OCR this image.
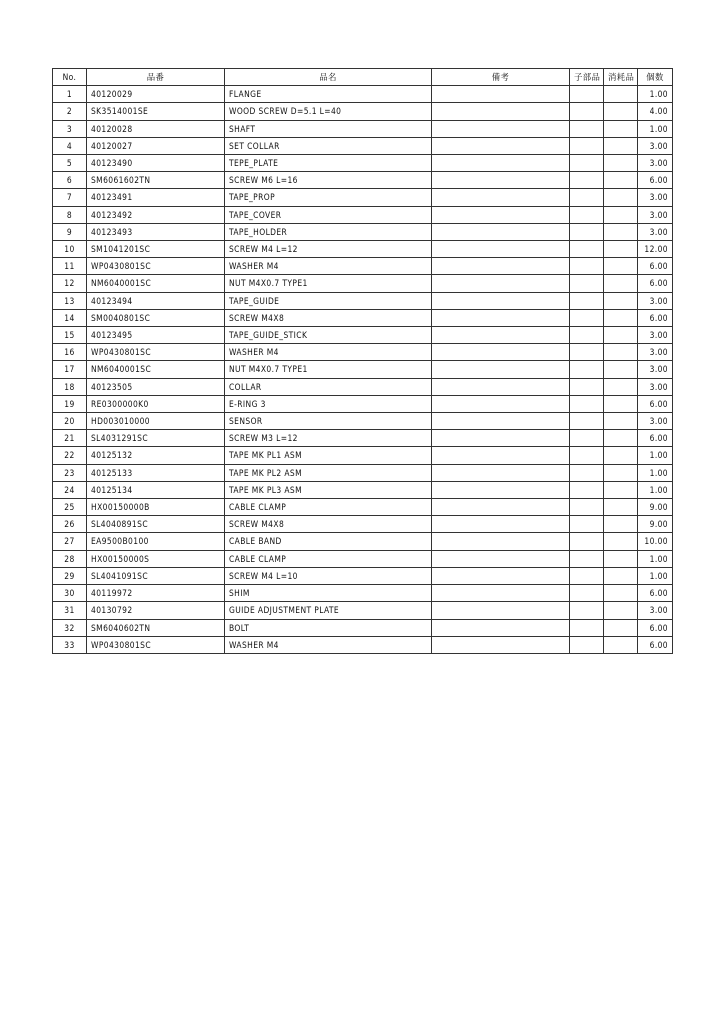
No.	品番	品名	備考	子部品	消耗品	個数
1	40120029	FLANGE				1.00
2	SK3514001SE	WOOD SCREW D=5.1 L=40				4.00
3	40120028	SHAFT				1.00
4	40120027	SET COLLAR				3.00
5	40123490	TEPE_PLATE				3.00
6	SM6061602TN	SCREW M6 L=16				6.00
7	40123491	TAPE_PROP				3.00
8	40123492	TAPE_COVER				3.00
9	40123493	TAPE_HOLDER				3.00
10	SM1041201SC	SCREW M4 L=12				12.00
11	WP0430801SC	WASHER M4				6.00
12	NM6040001SC	NUT M4X0.7 TYPE1				6.00
13	40123494	TAPE_GUIDE				3.00
14	SM0040801SC	SCREW M4X8				6.00
15	40123495	TAPE_GUIDE_STICK				3.00
16	WP0430801SC	WASHER M4				3.00
17	NM6040001SC	NUT M4X0.7 TYPE1				3.00
18	40123505	COLLAR				3.00
19	RE0300000K0	E-RING 3				6.00
20	HD003010000	SENSOR				3.00
21	SL4031291SC	SCREW M3 L=12				6.00
22	40125132	TAPE MK PL1 ASM				1.00
23	40125133	TAPE MK PL2 ASM				1.00
24	40125134	TAPE MK PL3 ASM				1.00
25	HX00150000B	CABLE CLAMP				9.00
26	SL4040891SC	SCREW M4X8				9.00
27	EA9500B0100	CABLE BAND				10.00
28	HX00150000S	CABLE CLAMP				1.00
29	SL4041091SC	SCREW M4 L=10				1.00
30	40119972	SHIM				6.00
31	40130792	GUIDE ADJUSTMENT PLATE				3.00
32	SM6040602TN	BOLT				6.00
33	WP0430801SC	WASHER M4				6.00
